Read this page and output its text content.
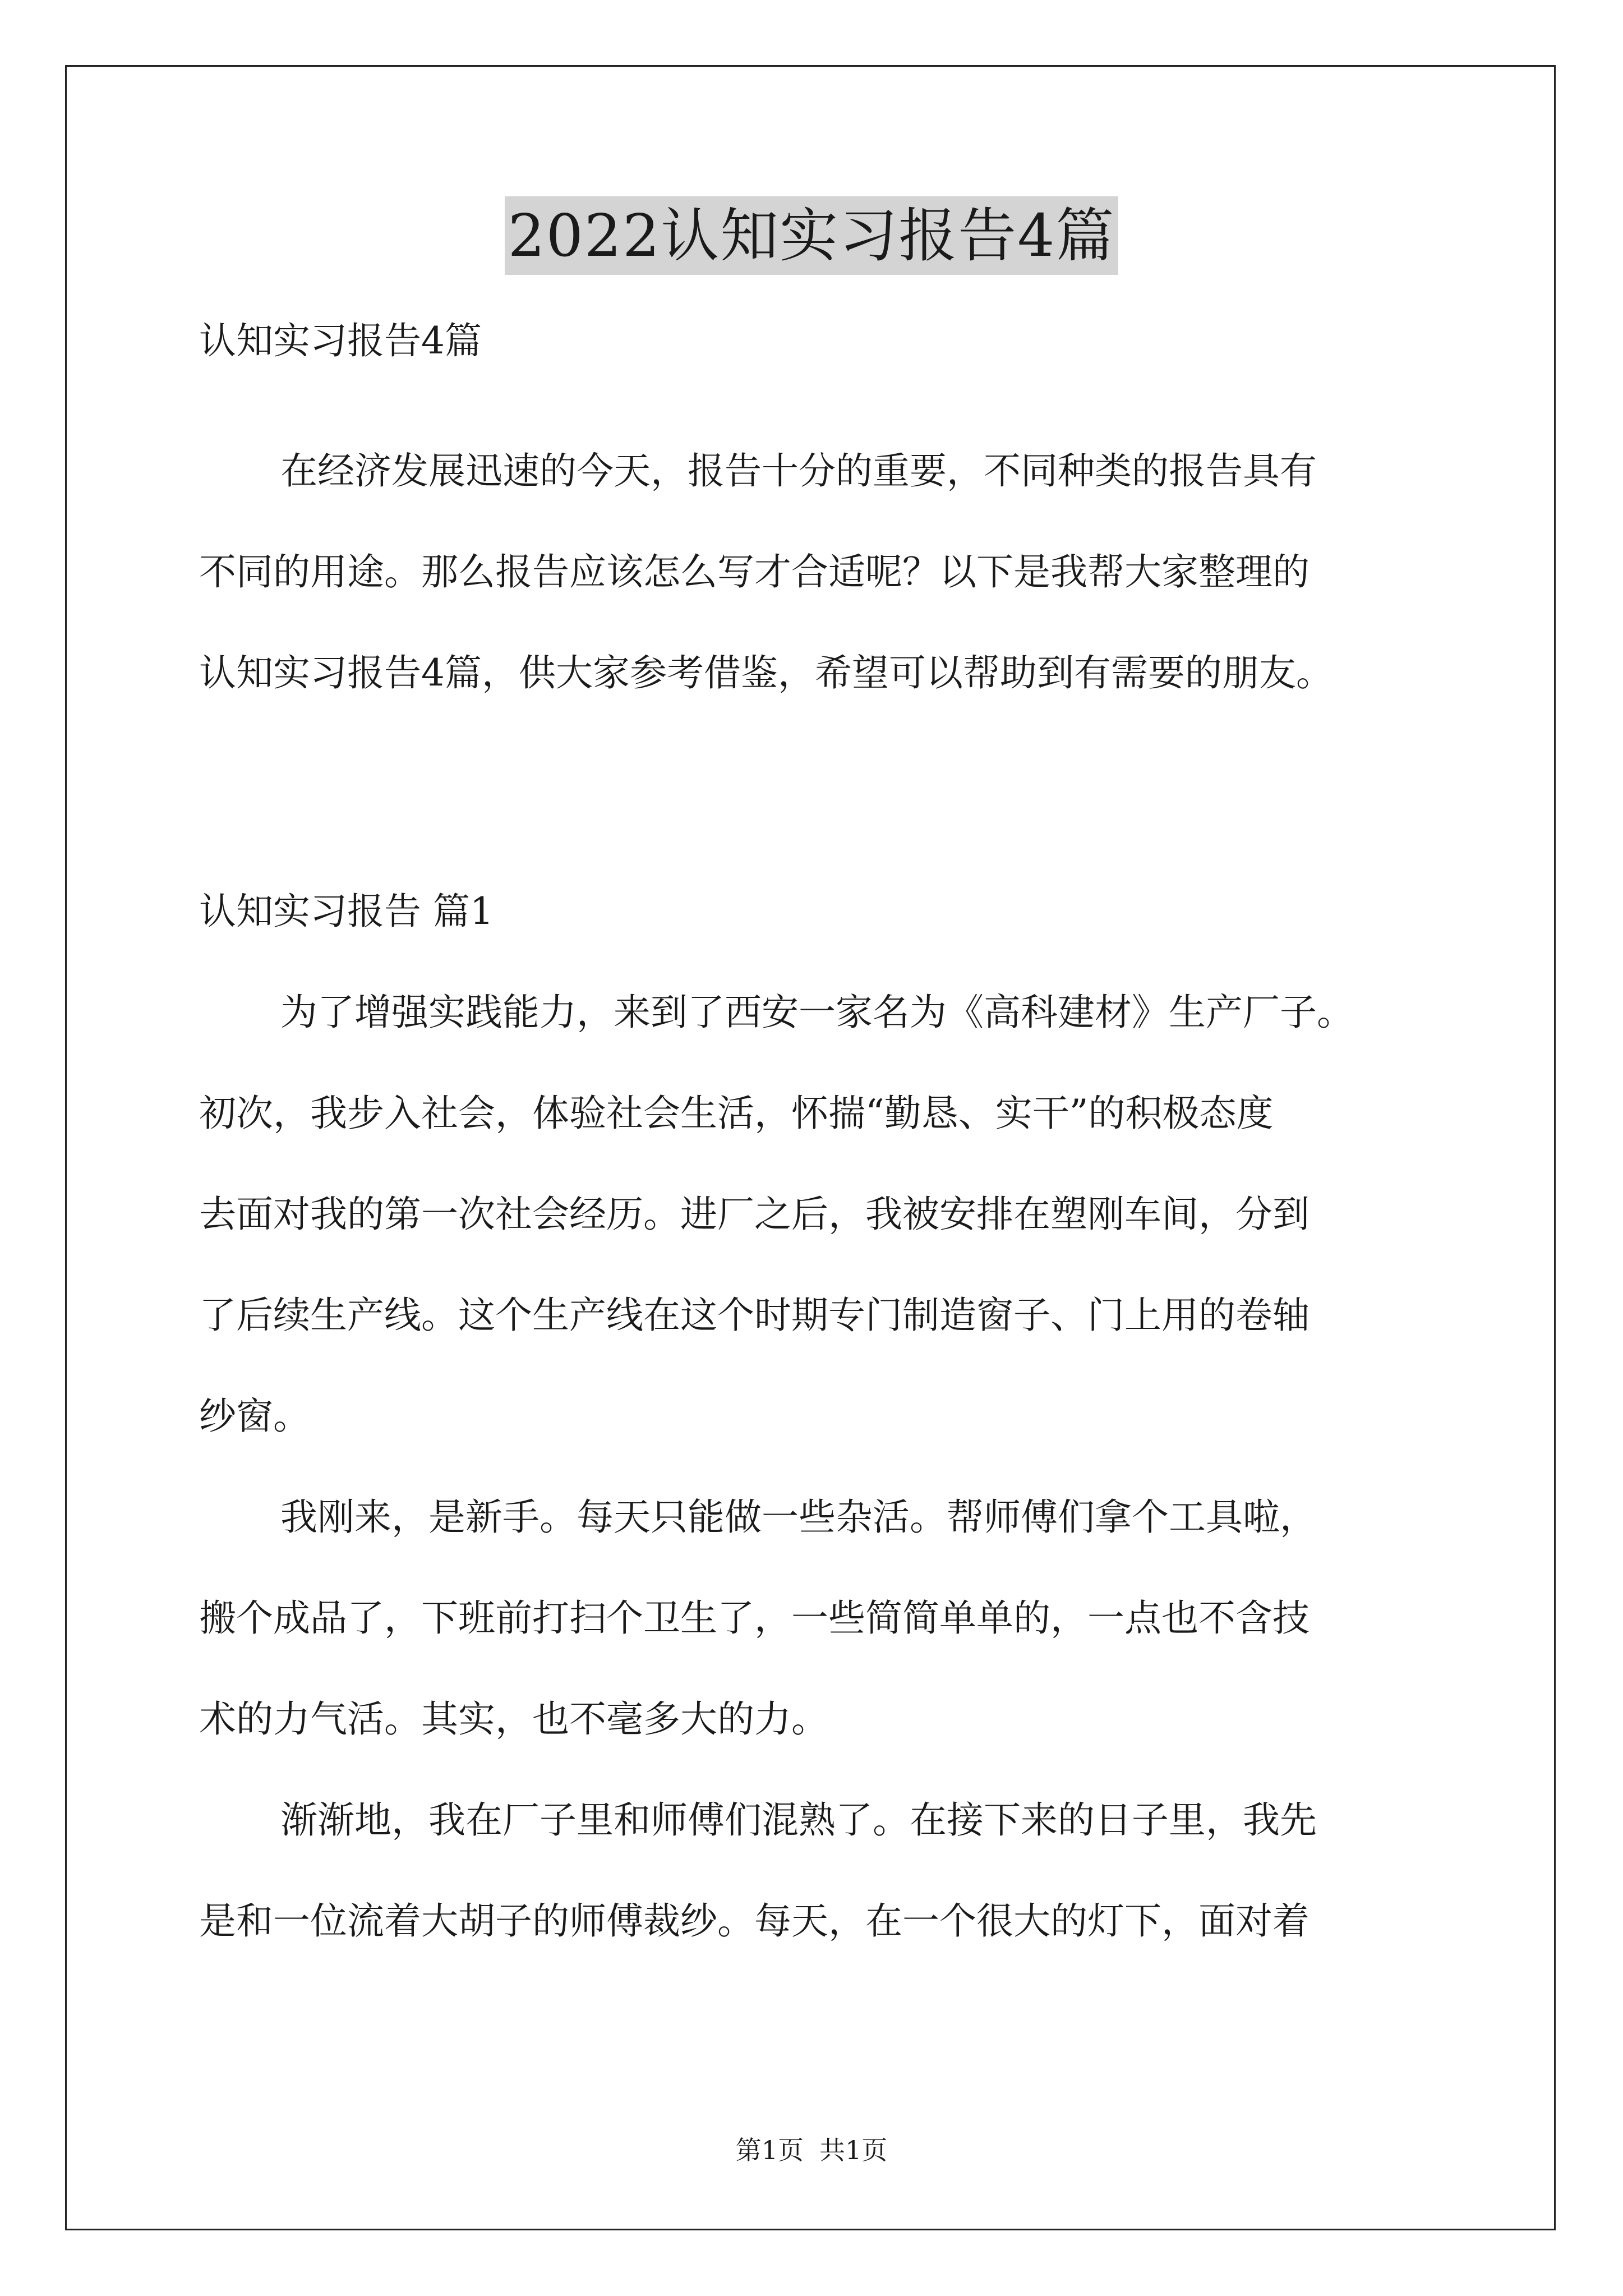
2022认知实习报告4篇
认知实习报告4篇
在经济发展迅速的今天，报告十分的重要，不同种类的报告具有
不同的用途。那么报告应该怎么写才合适呢？以下是我帮大家整理的
认知实习报告4篇，供大家参考借鉴，希望可以帮助到有需要的朋友。
认知实习报告 篇1
为了增强实践能力，来到了西安一家名为《高科建材》生产厂子。
初次，我步入社会，体验社会生活，怀揣“勤恳、实干”的积极态度
去面对我的第一次社会经历。进厂之后，我被安排在塑刚车间，分到
了后续生产线。这个生产线在这个时期专门制造窗子、门上用的卷轴
纱窗。
我刚来，是新手。每天只能做一些杂活。帮师傅们拿个工具啦，
搬个成品了，下班前打扫个卫生了，一些简简单单的，一点也不含技
术的力气活。其实，也不毫多大的力。
渐渐地，我在厂子里和师傅们混熟了。在接下来的日子里，我先
是和一位流着大胡子的师傅裁纱。每天，在一个很大的灯下，面对着
第1页 共1页
